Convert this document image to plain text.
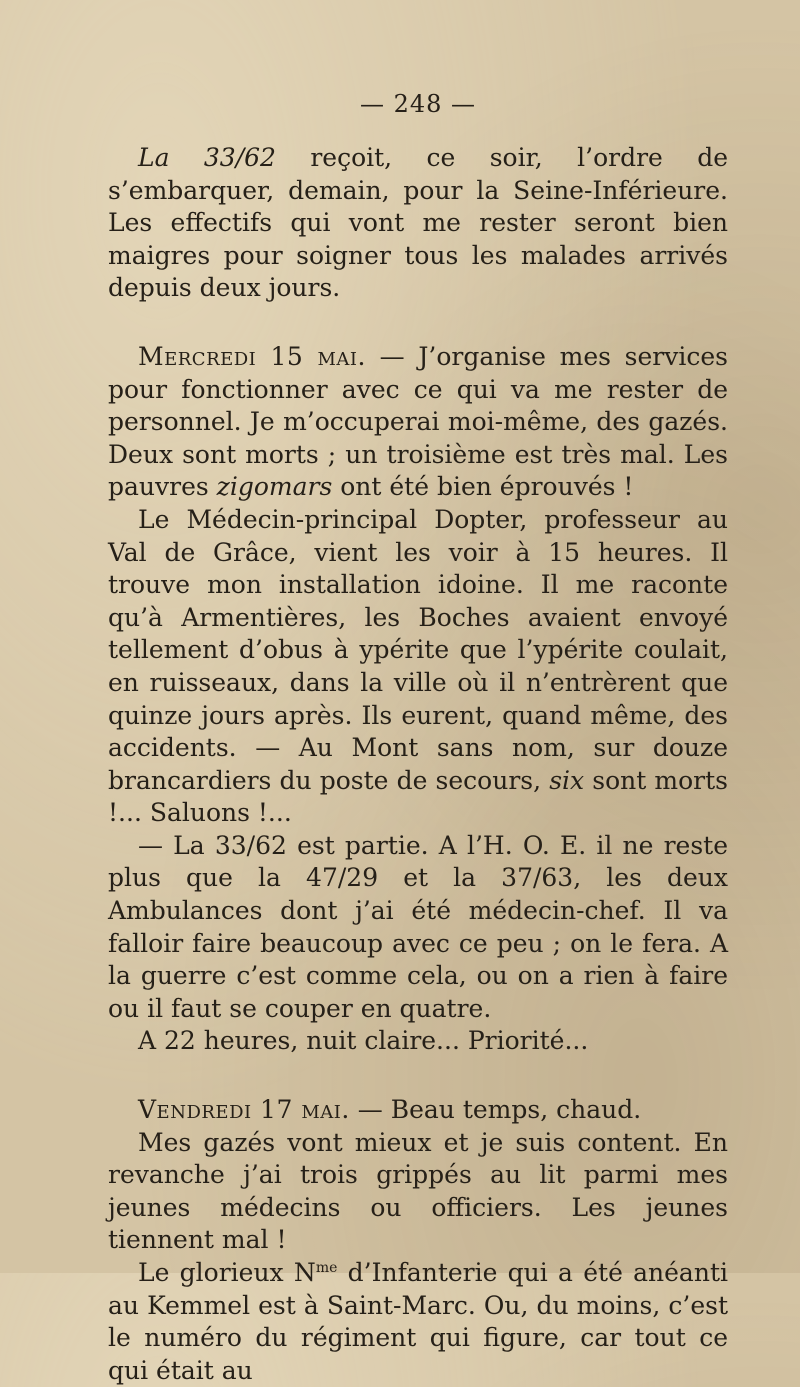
— 248 —

La 33/62 reçoit, ce soir, l’ordre de s’embarquer, demain, pour la Seine-Inférieure. Les effectifs qui vont me rester seront bien maigres pour soigner tous les malades arrivés depuis deux jours.

Mercredi 15 mai. — J’organise mes services pour fonctionner avec ce qui va me rester de personnel. Je m’occuperai moi-même, des gazés. Deux sont morts ; un troisième est très mal. Les pauvres zigomars ont été bien éprouvés !

Le Médecin-principal Dopter, professeur au Val de Grâce, vient les voir à 15 heures. Il trouve mon installation idoine. Il me raconte qu’à Armentières, les Boches avaient envoyé tellement d’obus à ypérite que l’ypérite coulait, en ruisseaux, dans la ville où il n’entrèrent que quinze jours après. Ils eurent, quand même, des accidents. — Au Mont sans nom, sur douze brancardiers du poste de secours, six sont morts !... Saluons !...

— La 33/62 est partie. A l’H. O. E. il ne reste plus que la 47/29 et la 37/63, les deux Ambulances dont j’ai été médecin-chef. Il va falloir faire beaucoup avec ce peu ; on le fera. A la guerre c’est comme cela, ou on a rien à faire ou il faut se couper en quatre.

A 22 heures, nuit claire... Priorité...

Vendredi 17 mai. — Beau temps, chaud.

Mes gazés vont mieux et je suis content. En revanche j’ai trois grippés au lit parmi mes jeunes médecins ou officiers. Les jeunes tiennent mal !

Le glorieux $N^{me}$ d’Infanterie qui a été anéanti au Kemmel est à Saint-Marc. Ou, du moins, c’est le numéro du régiment qui figure, car tout ce qui était au
